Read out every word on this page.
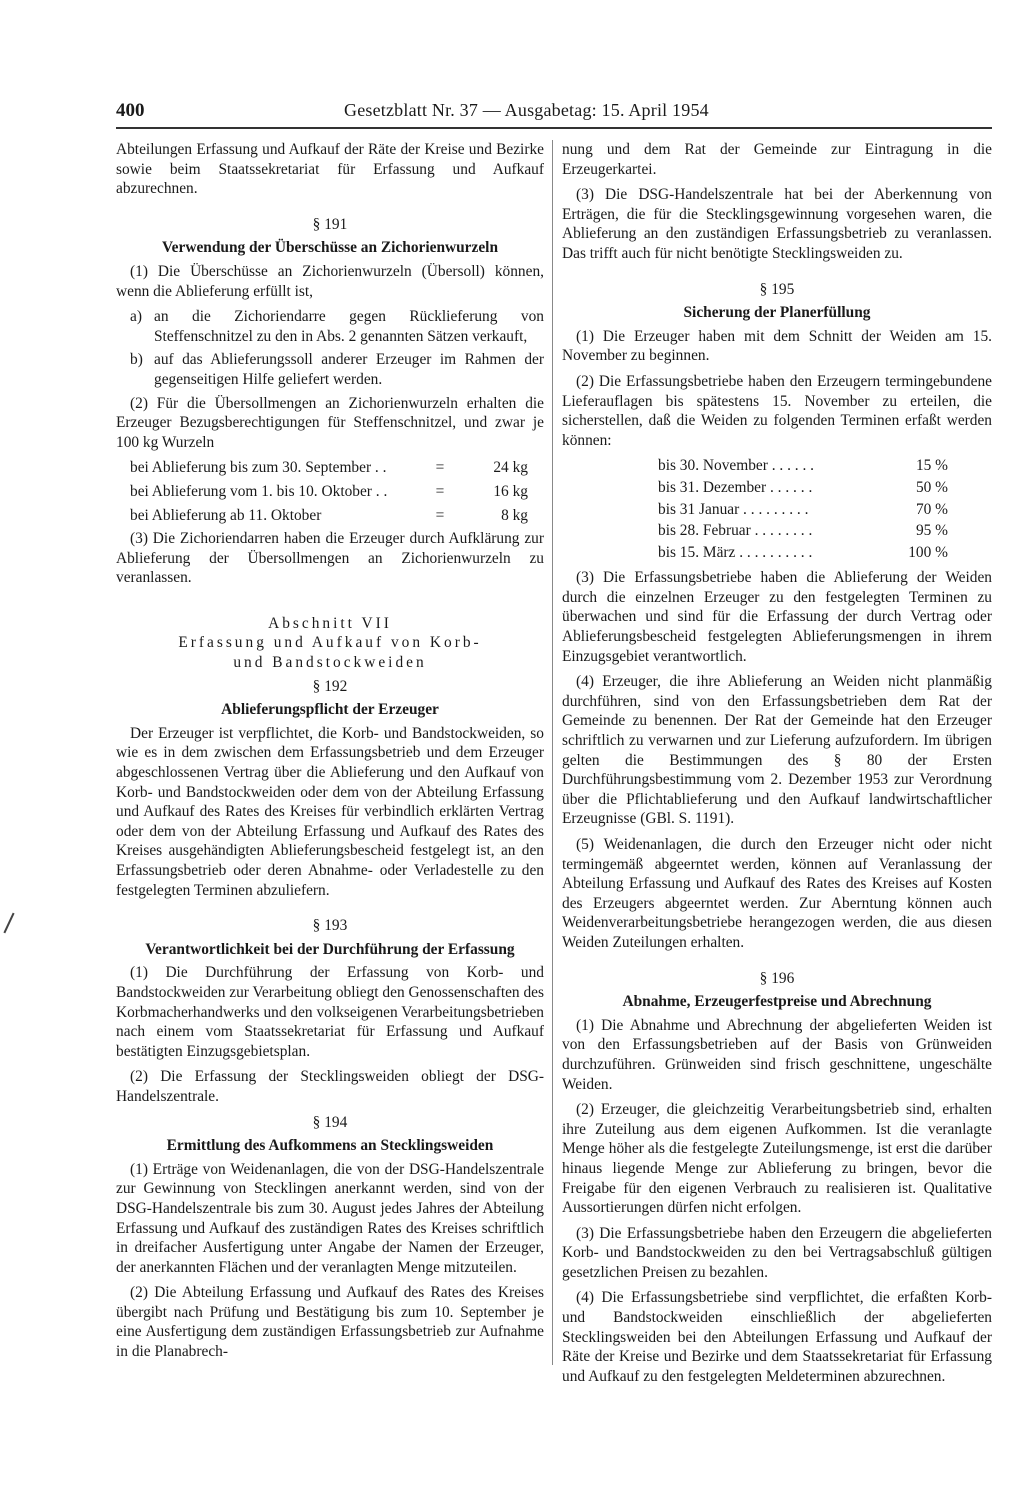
400	Gesetzblatt Nr. 37 — Ausgabetag: 15. April 1954

Abteilungen Erfassung und Aufkauf der Räte der Kreise und Bezirke sowie beim Staatssekretariat für Erfassung und Aufkauf abzurechnen.

§ 191
Verwendung der Überschüsse an Zichorienwurzeln

(1) Die Überschüsse an Zichorienwurzeln (Übersoll) können, wenn die Ablieferung erfüllt ist,

a) an die Zichoriendarre gegen Rücklieferung von Steffenschnitzel zu den in Abs. 2 genannten Sätzen verkauft,
b) auf das Ablieferungssoll anderer Erzeuger im Rahmen der gegenseitigen Hilfe geliefert werden.

(2) Für die Übersollmengen an Zichorienwurzeln erhalten die Erzeuger Bezugsberechtigungen für Steffenschnitzel, und zwar je 100 kg Wurzeln

bei Ablieferung bis zum 30. September . .	=	24 kg
bei Ablieferung vom 1. bis 10. Oktober . .	=	16 kg
bei Ablieferung ab 11. Oktober	=	8 kg

(3) Die Zichoriendarren haben die Erzeuger durch Aufklärung zur Ablieferung der Übersollmengen an Zichorienwurzeln zu veranlassen.

Abschnitt VII

Erfassung und Aufkauf von Korb-

und Bandstockweiden

§ 192
Ablieferungspflicht der Erzeuger

Der Erzeuger ist verpflichtet, die Korb- und Bandstockweiden, so wie es in dem zwischen dem Erfassungsbetrieb und dem Erzeuger abgeschlossenen Vertrag über die Ablieferung und den Aufkauf von Korb- und Bandstockweiden oder dem von der Abteilung Erfassung und Aufkauf des Rates des Kreises für verbindlich erklärten Vertrag oder dem von der Abteilung Erfassung und Aufkauf des Rates des Kreises ausgehändigten Ablieferungsbescheid festgelegt ist, an den Erfassungsbetrieb oder deren Abnahme- oder Verladestelle zu den festgelegten Terminen abzuliefern.

§ 193
Verantwortlichkeit bei der Durchführung der Erfassung

(1) Die Durchführung der Erfassung von Korb- und Bandstockweiden zur Verarbeitung obliegt den Genossenschaften des Korbmacherhandwerks und den volkseigenen Verarbeitungsbetrieben nach einem vom Staatssekretariat für Erfassung und Aufkauf bestätigten Einzugsgebietsplan.

(2) Die Erfassung der Stecklingsweiden obliegt der DSG-Handelszentrale.

§ 194
Ermittlung des Aufkommens an Stecklingsweiden

(1) Erträge von Weidenanlagen, die von der DSG-Handelszentrale zur Gewinnung von Stecklingen anerkannt werden, sind von der DSG-Handelszentrale bis zum 30. August jedes Jahres der Abteilung Erfassung und Aufkauf des zuständigen Rates des Kreises schriftlich in dreifacher Ausfertigung unter Angabe der Namen der Erzeuger, der anerkannten Flächen und der veranlagten Menge mitzuteilen.

(2) Die Abteilung Erfassung und Aufkauf des Rates des Kreises übergibt nach Prüfung und Bestätigung bis zum 10. September je eine Ausfertigung dem zuständigen Erfassungsbetrieb zur Aufnahme in die Planabrech-

nung und dem Rat der Gemeinde zur Eintragung in die Erzeugerkartei.

(3) Die DSG-Handelszentrale hat bei der Aberkennung von Erträgen, die für die Stecklingsgewinnung vorgesehen waren, die Ablieferung an den zuständigen Erfassungsbetrieb zu veranlassen. Das trifft auch für nicht benötigte Stecklingsweiden zu.

§ 195
Sicherung der Planerfüllung

(1) Die Erzeuger haben mit dem Schnitt der Weiden am 15. November zu beginnen.

(2) Die Erfassungsbetriebe haben den Erzeugern termingebundene Lieferauflagen bis spätestens 15. November zu erteilen, die sicherstellen, daß die Weiden zu folgenden Terminen erfaßt werden können:

bis 30. November . . . . . .	15 %
bis 31. Dezember . . . . . .	50 %
bis 31 Januar . . . . . . . . .	70 %
bis 28. Februar . . . . . . . .	95 %
bis 15. März . . . . . . . . . .	100 %

(3) Die Erfassungsbetriebe haben die Ablieferung der Weiden durch die einzelnen Erzeuger zu den festgelegten Terminen zu überwachen und sind für die Erfassung der durch Vertrag oder Ablieferungsbescheid festgelegten Ablieferungsmengen in ihrem Einzugsgebiet verantwortlich.

(4) Erzeuger, die ihre Ablieferung an Weiden nicht planmäßig durchführen, sind von den Erfassungsbetrieben dem Rat der Gemeinde zu benennen. Der Rat der Gemeinde hat den Erzeuger schriftlich zu verwarnen und zur Lieferung aufzufordern. Im übrigen gelten die Bestimmungen des § 80 der Ersten Durchführungsbestimmung vom 2. Dezember 1953 zur Verordnung über die Pflichtablieferung und den Aufkauf landwirtschaftlicher Erzeugnisse (GBl. S. 1191).

(5) Weidenanlagen, die durch den Erzeuger nicht oder nicht termingemäß abgeerntet werden, können auf Veranlassung der Abteilung Erfassung und Aufkauf des Rates des Kreises auf Kosten des Erzeugers abgeerntet werden. Zur Aberntung können auch Weidenverarbeitungsbetriebe herangezogen werden, die aus diesen Weiden Zuteilungen erhalten.

§ 196
Abnahme, Erzeugerfestpreise und Abrechnung

(1) Die Abnahme und Abrechnung der abgelieferten Weiden ist von den Erfassungsbetrieben auf der Basis von Grünweiden durchzuführen. Grünweiden sind frisch geschnittene, ungeschälte Weiden.

(2) Erzeuger, die gleichzeitig Verarbeitungsbetrieb sind, erhalten ihre Zuteilung aus dem eigenen Aufkommen. Ist die veranlagte Menge höher als die festgelegte Zuteilungsmenge, ist erst die darüber hinaus liegende Menge zur Ablieferung zu bringen, bevor die Freigabe für den eigenen Verbrauch zu realisieren ist. Qualitative Aussortierungen dürfen nicht erfolgen.

(3) Die Erfassungsbetriebe haben den Erzeugern die abgelieferten Korb- und Bandstockweiden zu den bei Vertragsabschluß gültigen gesetzlichen Preisen zu bezahlen.

(4) Die Erfassungsbetriebe sind verpflichtet, die erfaßten Korb- und Bandstockweiden einschließlich der abgelieferten Stecklingsweiden bei den Abteilungen Erfassung und Aufkauf der Räte der Kreise und Bezirke und dem Staatssekretariat für Erfassung und Aufkauf zu den festgelegten Meldeterminen abzurechnen.
